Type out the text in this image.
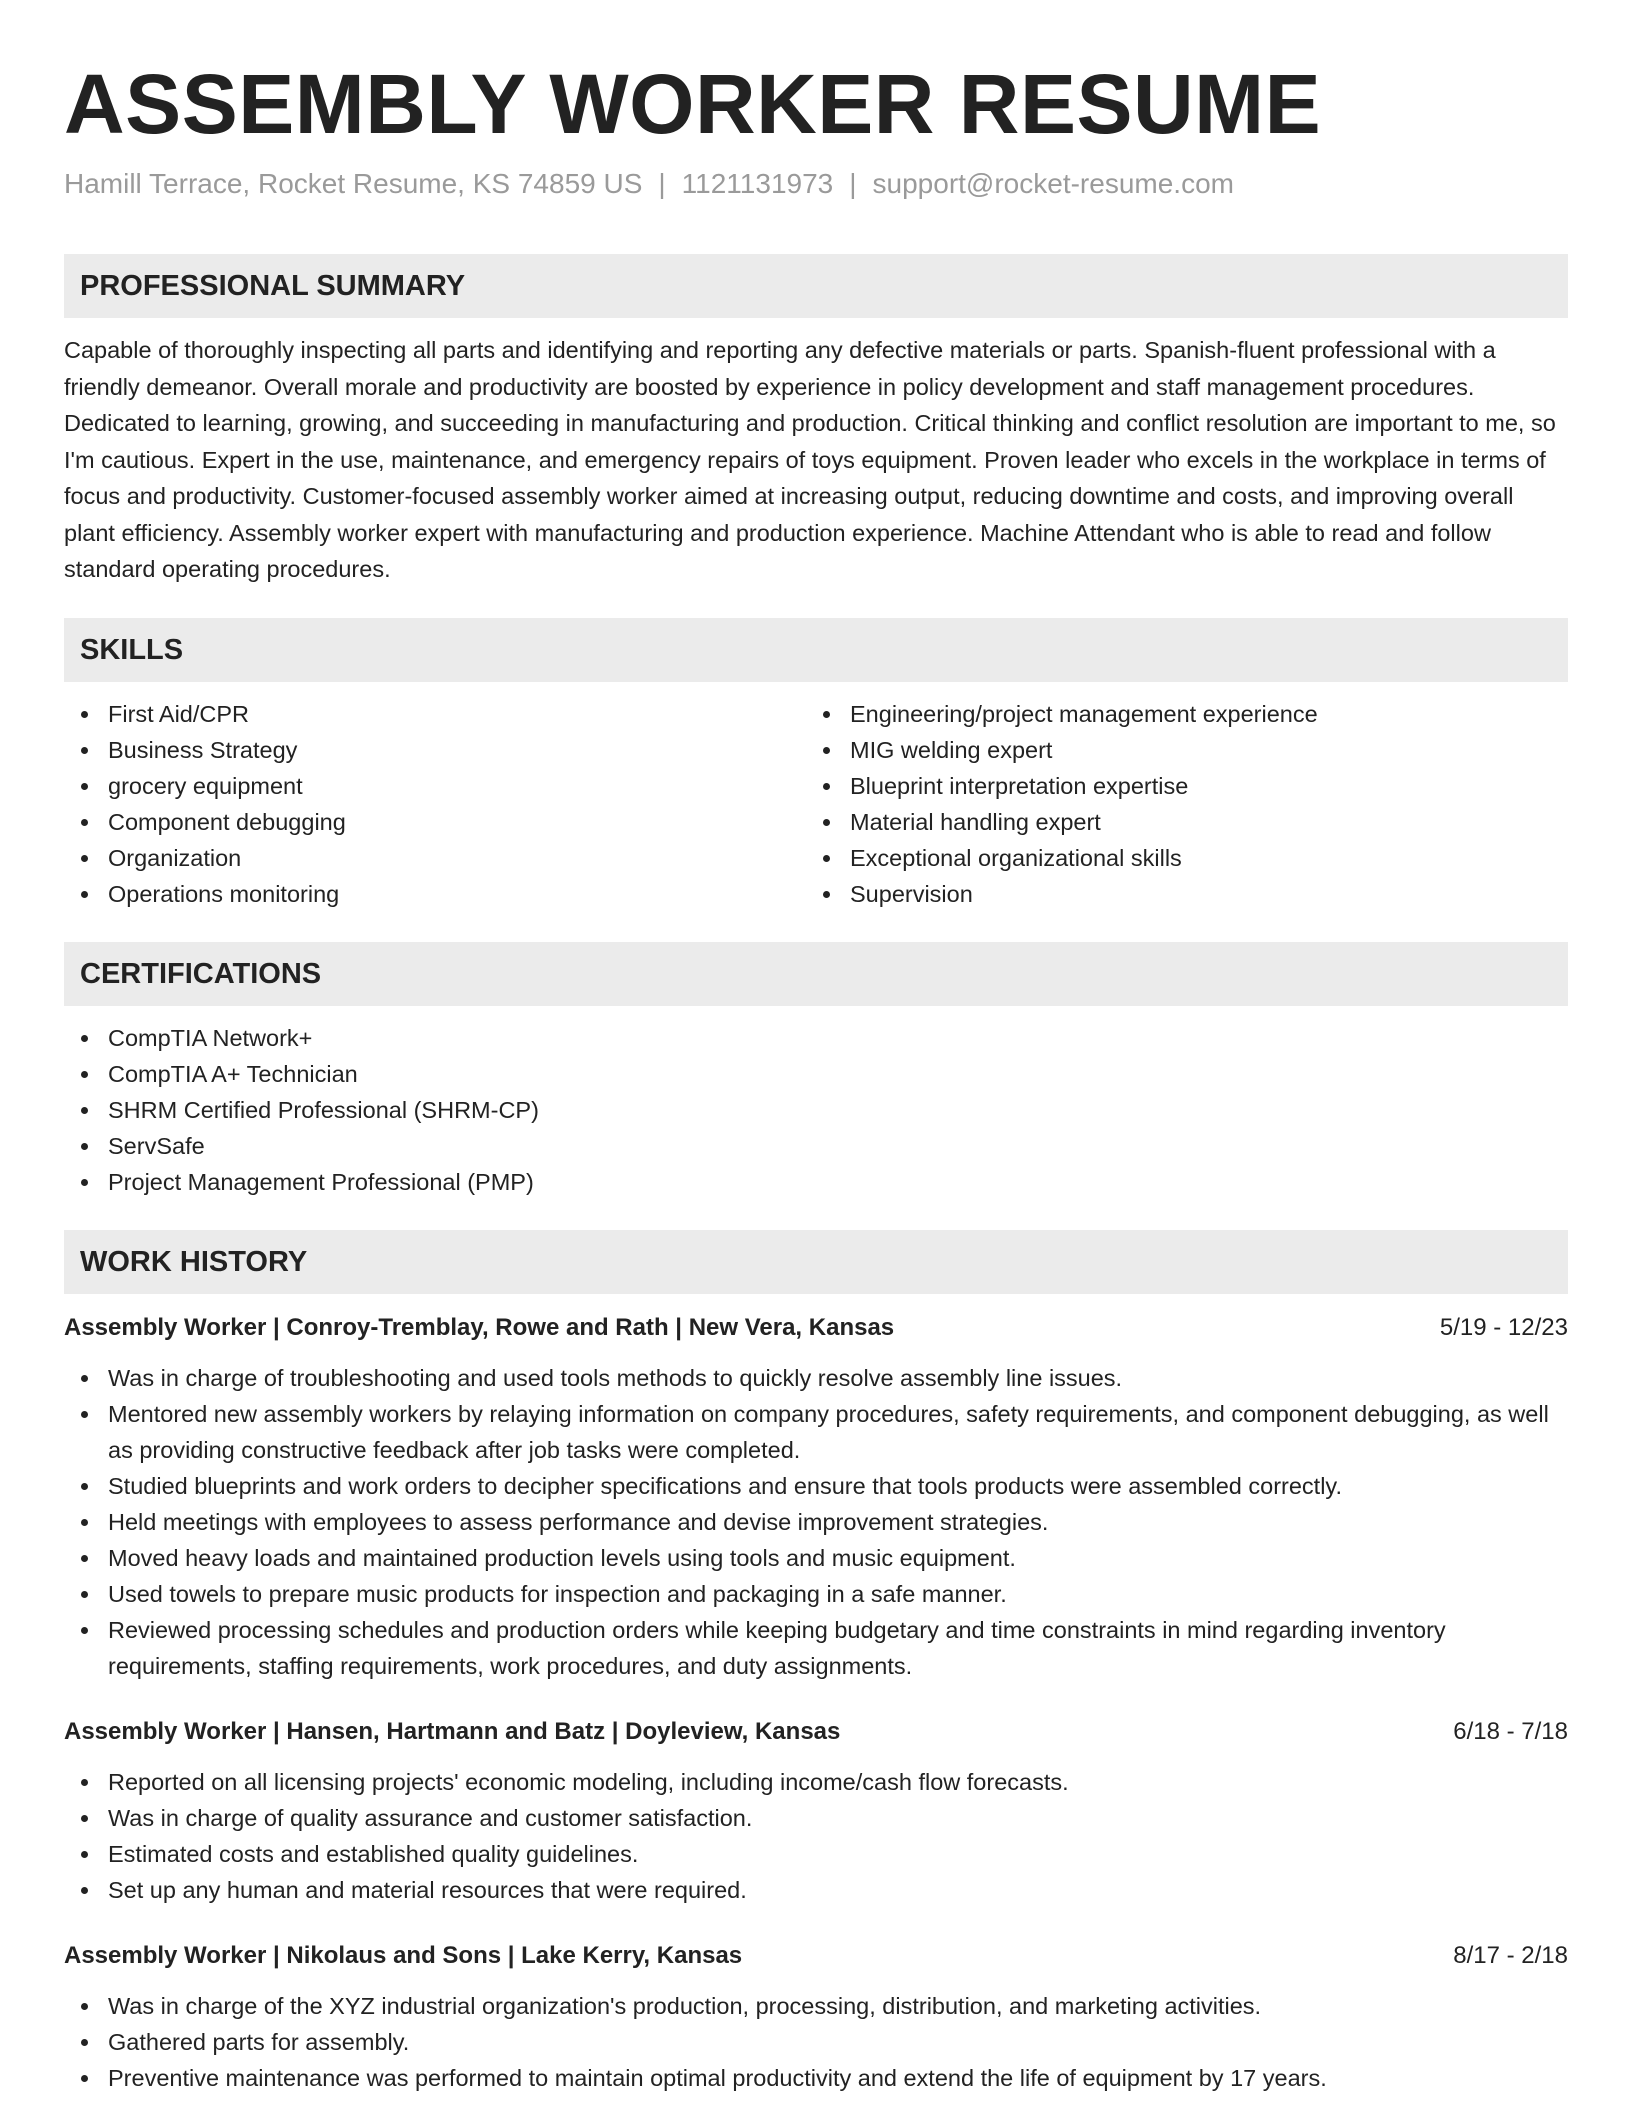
ASSEMBLY WORKER RESUME
Hamill Terrace, Rocket Resume, KS 74859 US | 1121131973 | support@rocket-resume.com
PROFESSIONAL SUMMARY

Capable of thoroughly inspecting all parts and identifying and reporting any defective materials or parts. Spanish-fluent professional with a friendly demeanor. Overall morale and productivity are boosted by experience in policy development and staff management procedures. Dedicated to learning, growing, and succeeding in manufacturing and production. Critical thinking and conflict resolution are important to me, so I'm cautious. Expert in the use, maintenance, and emergency repairs of toys equipment. Proven leader who excels in the workplace in terms of focus and productivity. Customer-focused assembly worker aimed at increasing output, reducing downtime and costs, and improving overall plant efficiency. Assembly worker expert with manufacturing and production experience. Machine Attendant who is able to read and follow standard operating procedures.

SKILLS
First Aid/CPR
Business Strategy
grocery equipment
Component debugging
Organization
Operations monitoring
Engineering/project management experience
MIG welding expert
Blueprint interpretation expertise
Material handling expert
Exceptional organizational skills
Supervision
CERTIFICATIONS
CompTIA Network+
CompTIA A+ Technician
SHRM Certified Professional (SHRM-CP)
ServSafe
Project Management Professional (PMP)
WORK HISTORY
Assembly Worker | Conroy-Tremblay, Rowe and Rath | New Vera, Kansas	5/19 - 12/23
Was in charge of troubleshooting and used tools methods to quickly resolve assembly line issues.
Mentored new assembly workers by relaying information on company procedures, safety requirements, and component debugging, as well as providing constructive feedback after job tasks were completed.
Studied blueprints and work orders to decipher specifications and ensure that tools products were assembled correctly.
Held meetings with employees to assess performance and devise improvement strategies.
Moved heavy loads and maintained production levels using tools and music equipment.
Used towels to prepare music products for inspection and packaging in a safe manner.
Reviewed processing schedules and production orders while keeping budgetary and time constraints in mind regarding inventory requirements, staffing requirements, work procedures, and duty assignments.
Assembly Worker | Hansen, Hartmann and Batz | Doyleview, Kansas	6/18 - 7/18
Reported on all licensing projects' economic modeling, including income/cash flow forecasts.
Was in charge of quality assurance and customer satisfaction.
Estimated costs and established quality guidelines.
Set up any human and material resources that were required.
Assembly Worker | Nikolaus and Sons | Lake Kerry, Kansas	8/17 - 2/18
Was in charge of the XYZ industrial organization's production, processing, distribution, and marketing activities.
Gathered parts for assembly.
Preventive maintenance was performed to maintain optimal productivity and extend the life of equipment by 17 years.
